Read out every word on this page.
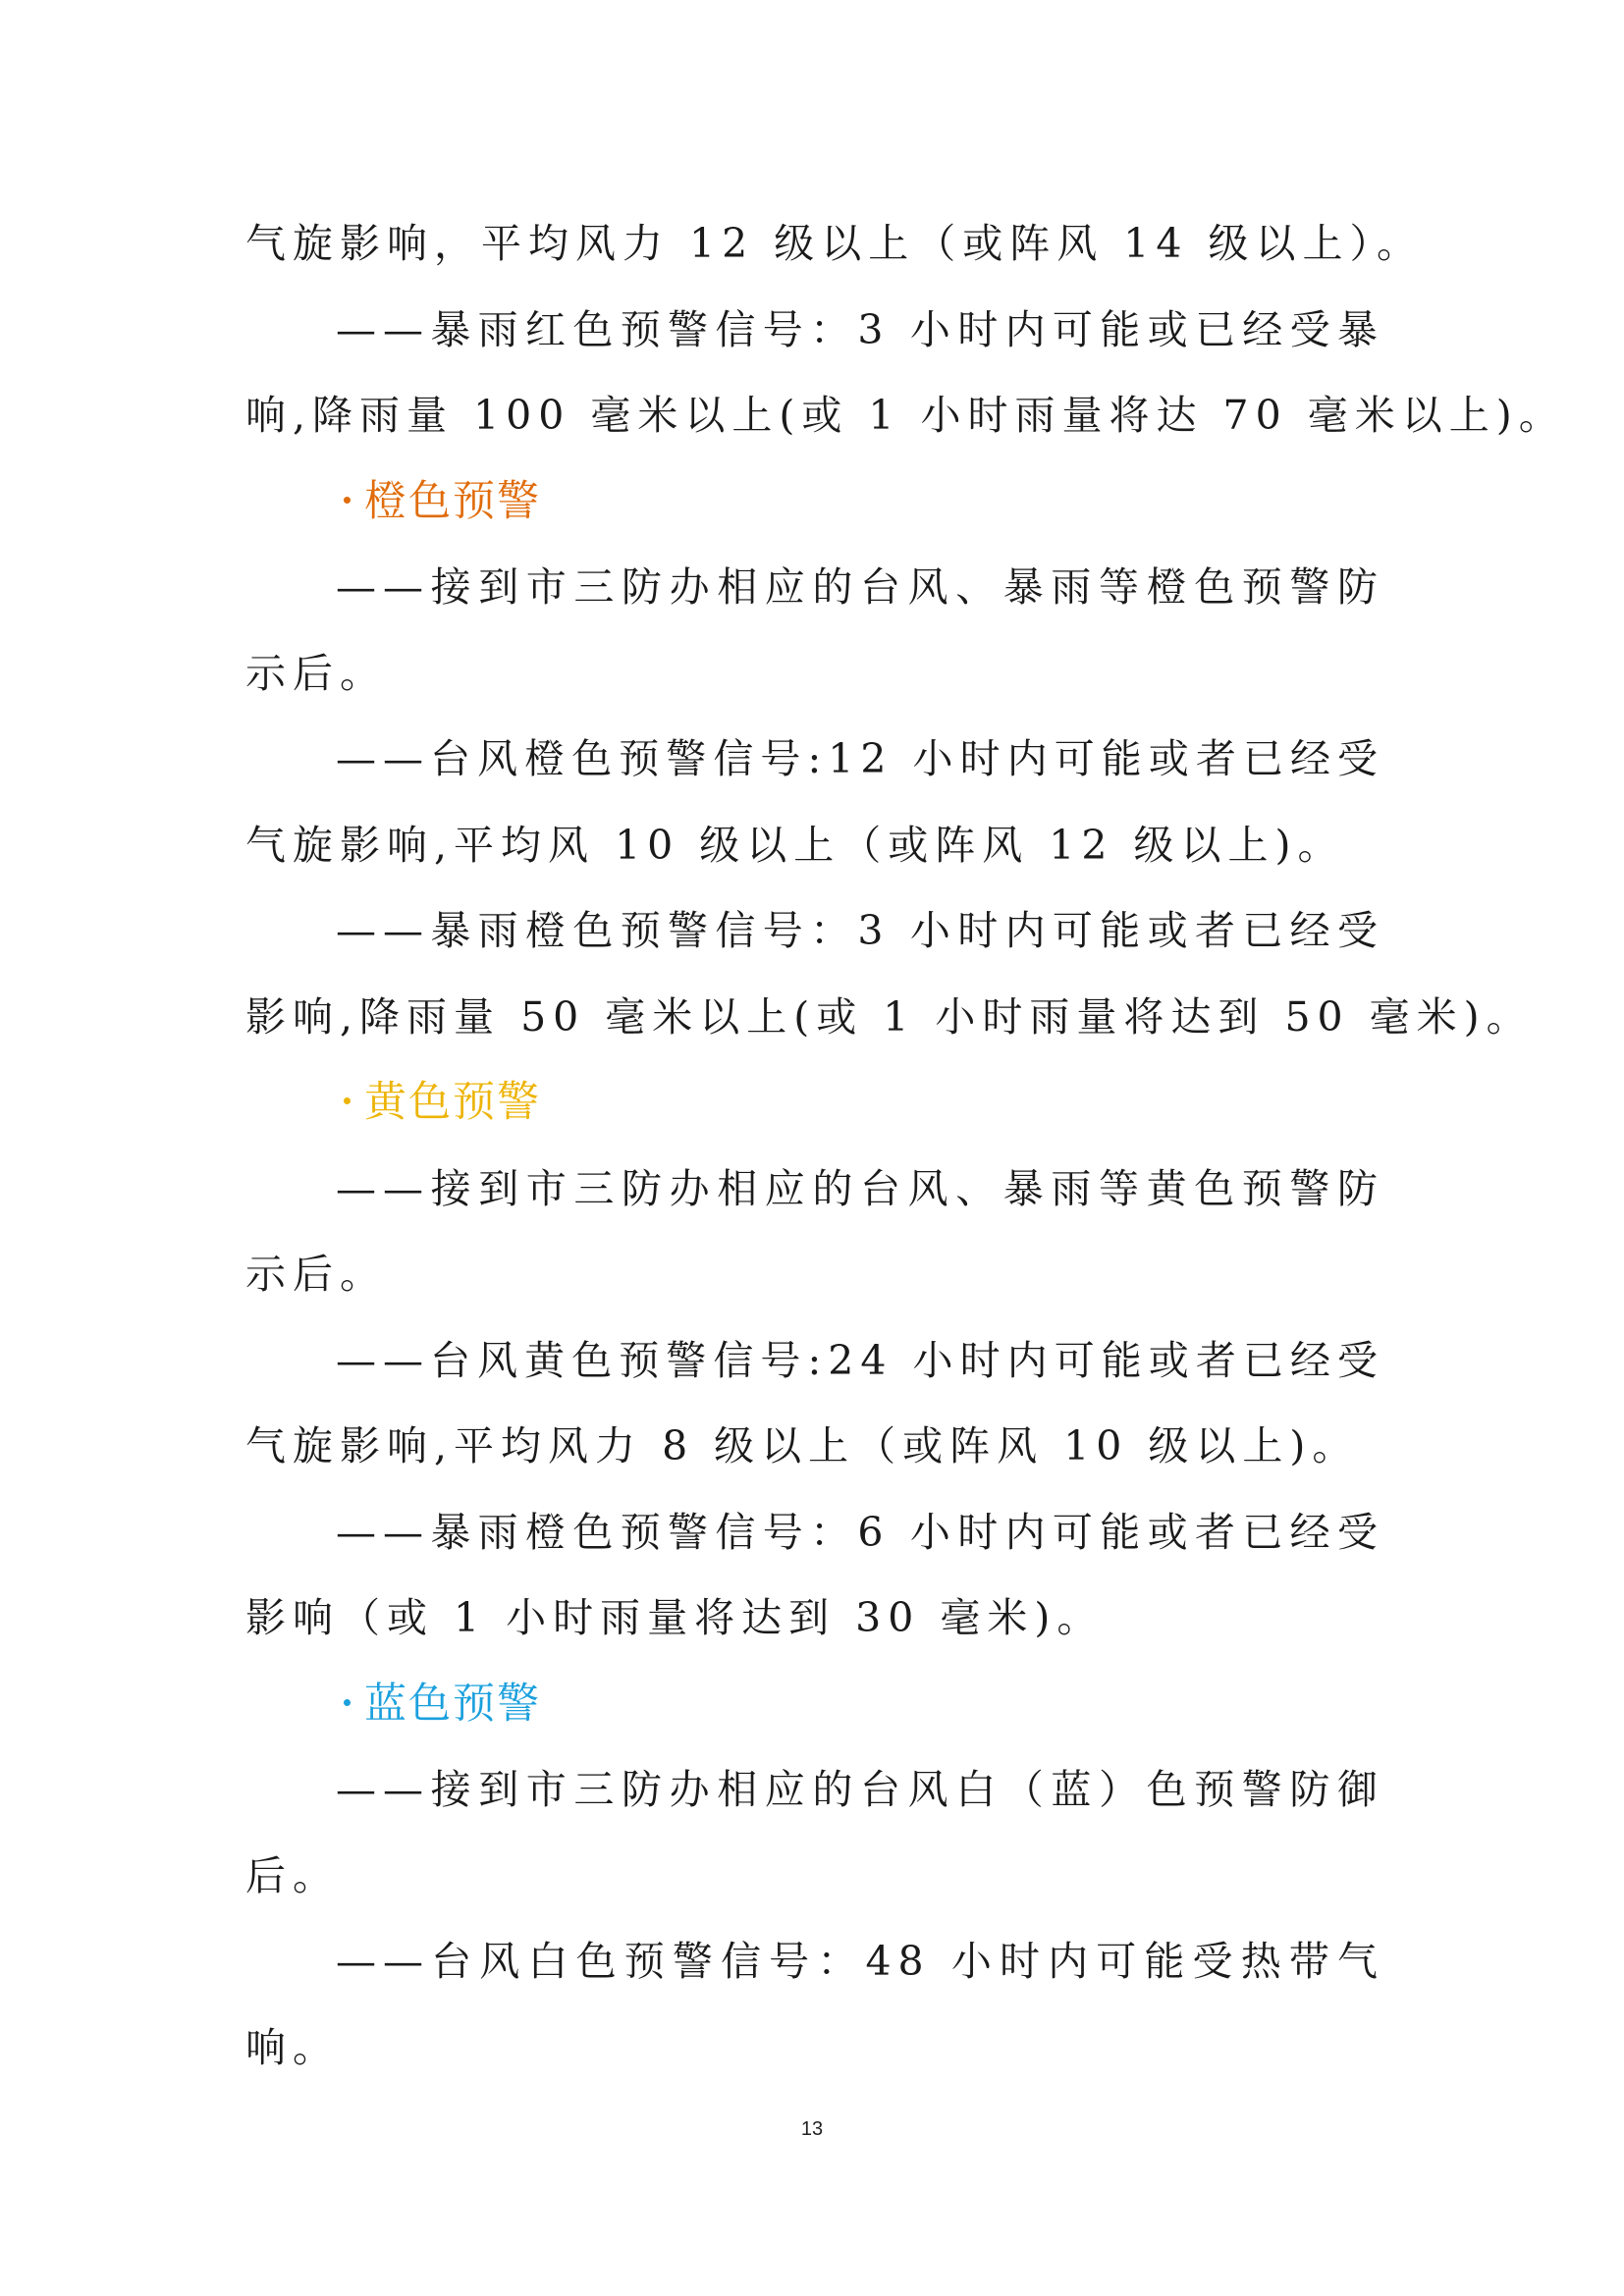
气旋影响，平均风力 12 级以上（或阵风 14 级以上）。
——暴雨红色预警信号：3 小时内可能或已经受暴
响,降雨量 100 毫米以上(或 1 小时雨量将达 70 毫米以上)。
橙色预警
——接到市三防办相应的台风、暴雨等橙色预警防
示后。
——台风橙色预警信号:12 小时内可能或者已经受
气旋影响,平均风 10 级以上（或阵风 12 级以上)。
——暴雨橙色预警信号：3 小时内可能或者已经受
影响,降雨量 50 毫米以上(或 1 小时雨量将达到 50 毫米)。
黄色预警
——接到市三防办相应的台风、暴雨等黄色预警防
示后。
——台风黄色预警信号:24 小时内可能或者已经受
气旋影响,平均风力 8 级以上（或阵风 10 级以上)。
——暴雨橙色预警信号：6 小时内可能或者已经受
影响（或 1 小时雨量将达到 30 毫米)。
蓝色预警
——接到市三防办相应的台风白（蓝）色预警防御
后。
——台风白色预警信号：48 小时内可能受热带气
响。
13
